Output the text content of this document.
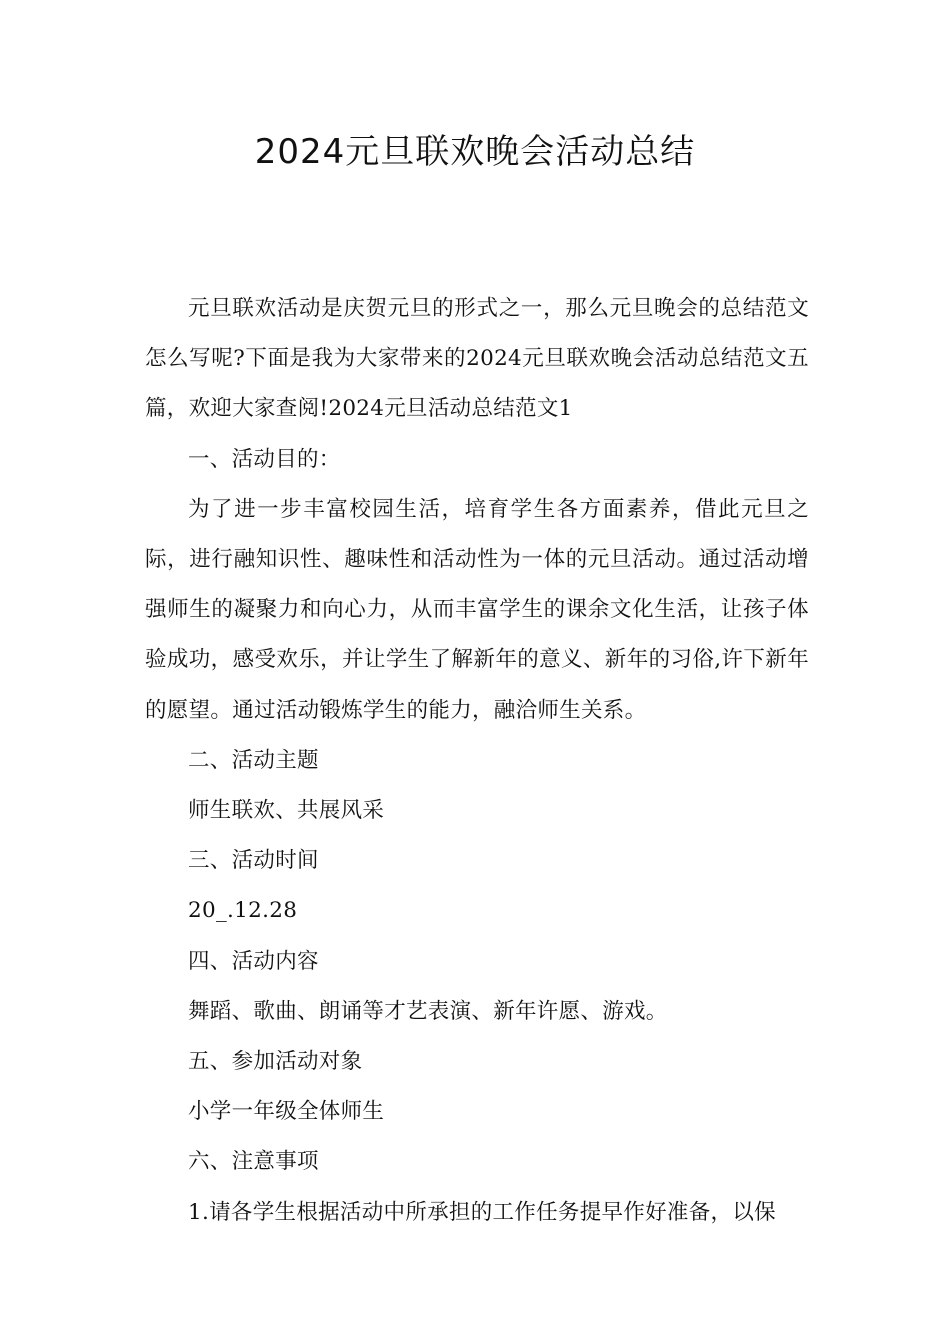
2024元旦联欢晚会活动总结

元旦联欢活动是庆贺元旦的形式之一，那么元旦晚会的总结范文怎么写呢?下面是我为大家带来的2024元旦联欢晚会活动总结范文五篇，欢迎大家查阅!2024元旦活动总结范文1

一、活动目的：

为了进一步丰富校园生活，培育学生各方面素养，借此元旦之际，进行融知识性、趣味性和活动性为一体的元旦活动。通过活动增强师生的凝聚力和向心力，从而丰富学生的课余文化生活，让孩子体验成功，感受欢乐，并让学生了解新年的意义、新年的习俗,许下新年的愿望。通过活动锻炼学生的能力，融洽师生关系。

二、活动主题

师生联欢、共展风采

三、活动时间

20_.12.28

四、活动内容

舞蹈、歌曲、朗诵等才艺表演、新年许愿、游戏。

五、参加活动对象

小学一年级全体师生

六、注意事项

1.请各学生根据活动中所承担的工作任务提早作好准备，以保
